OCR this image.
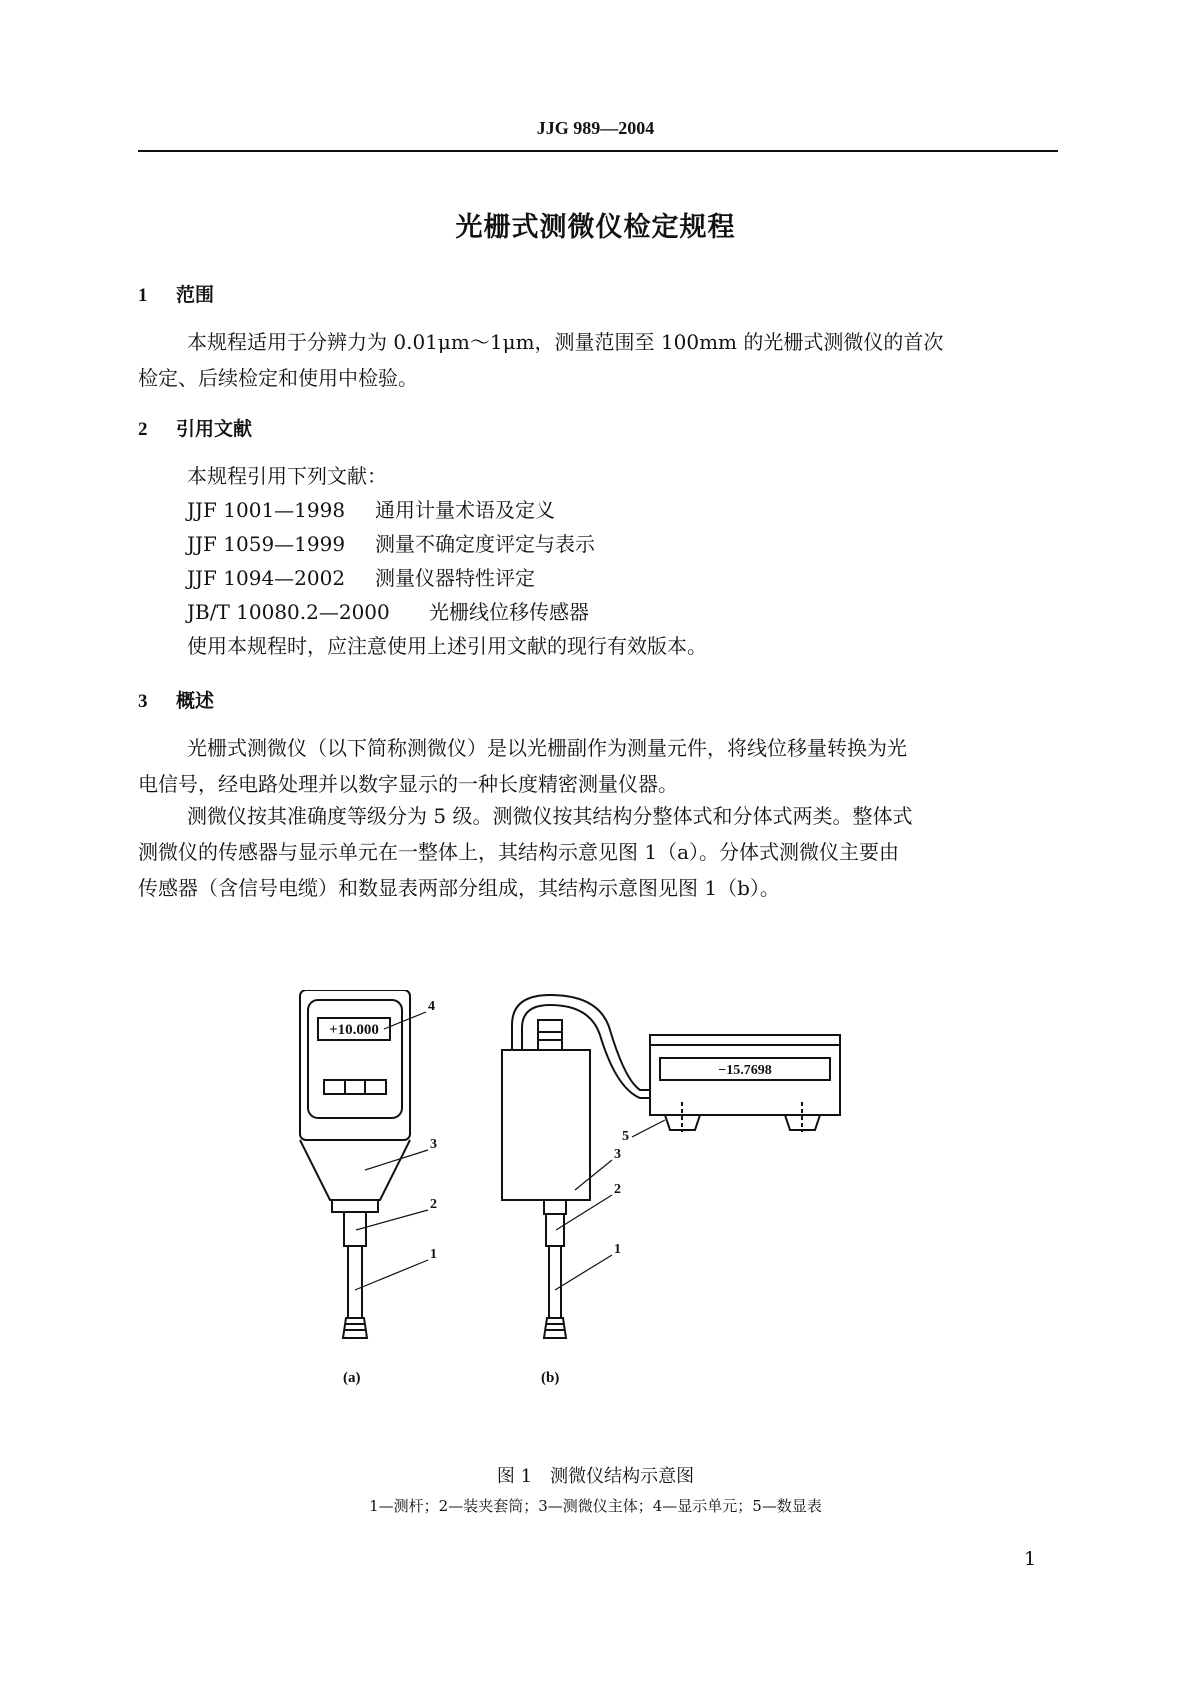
JJG 989—2004
光栅式测微仪检定规程
1 范围
本规程适用于分辨力为 0.01μm～1μm，测量范围至 100mm 的光栅式测微仪的首次
检定、后续检定和使用中检验。
2 引用文献
本规程引用下列文献：
JJF 1001—1998 通用计量术语及定义
JJF 1059—1999 测量不确定度评定与表示
JJF 1094—2002 测量仪器特性评定
JB/T 10080.2—2000 光栅线位移传感器
使用本规程时，应注意使用上述引用文献的现行有效版本。
3 概述
光栅式测微仪（以下简称测微仪）是以光栅副作为测量元件，将线位移量转换为光
电信号，经电路处理并以数字显示的一种长度精密测量仪器。
测微仪按其准确度等级分为 5 级。测微仪按其结构分整体式和分体式两类。整体式
测微仪的传感器与显示单元在一整体上，其结构示意见图 1（a）。分体式测微仪主要由
传感器（含信号电缆）和数显表两部分组成，其结构示意图见图 1（b）。
+10.000
−15.7698
4
3
2
1
3
2
1
5
(a)	(b)
图 1　测微仪结构示意图
1—测杆；2—装夹套筒；3—测微仪主体；4—显示单元；5—数显表
1
